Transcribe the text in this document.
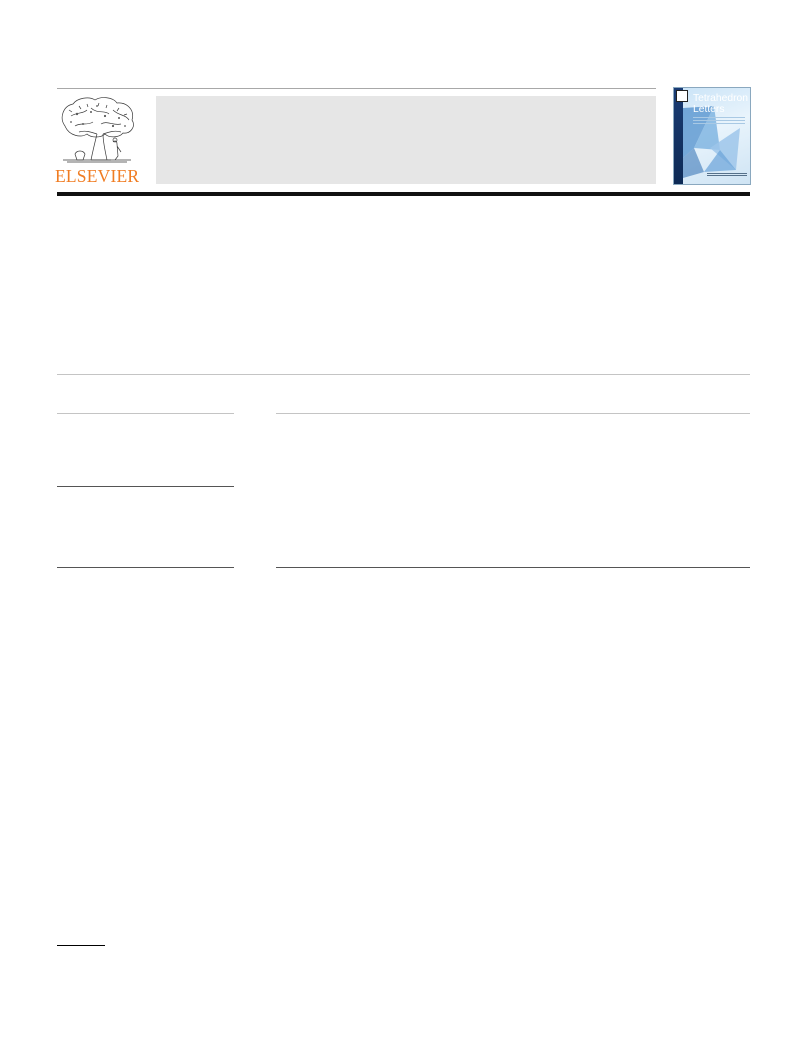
ELSEVIER
Tetrahedron
Letters
